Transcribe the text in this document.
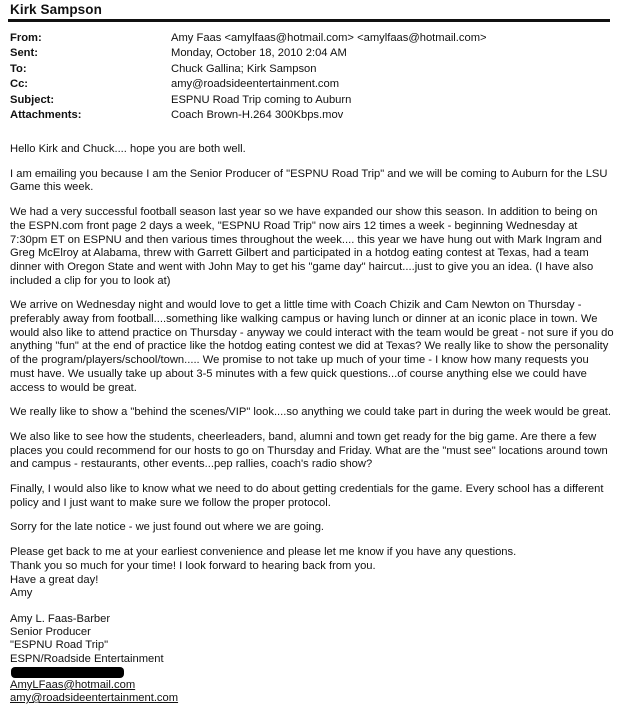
Kirk Sampson
From:	Amy Faas <amylfaas@hotmail.com> <amylfaas@hotmail.com>
Sent:	Monday, October 18, 2010 2:04 AM
To:	Chuck Gallina; Kirk Sampson
Cc:	amy@roadsideentertainment.com
Subject:	ESPNU Road Trip coming to Auburn
Attachments:	Coach Brown-H.264 300Kbps.mov

Hello Kirk and Chuck.... hope you are both well.

I am emailing you because I am the Senior Producer of "ESPNU Road Trip" and we will be coming to Auburn for the LSU Game this week.

We had a very successful football season last year so we have expanded our show this season. In addition to being on the ESPN.com front page 2 days a week, "ESPNU Road Trip" now airs 12 times a week - beginning Wednesday at 7:30pm ET on ESPNU and then various times throughout the week.... this year we have hung out with Mark Ingram and Greg McElroy at Alabama, threw with Garrett Gilbert and participated in a hotdog eating contest at Texas, had a team dinner with Oregon State and went with John May to get his "game day" haircut....just to give you an idea. (I have also included a clip for you to look at)

We arrive on Wednesday night and would love to get a little time with Coach Chizik and Cam Newton on Thursday - preferably away from football....something like walking campus or having lunch or dinner at an iconic place in town. We would also like to attend practice on Thursday - anyway we could interact with the team would be great - not sure if you do anything "fun" at the end of practice like the hotdog eating contest we did at Texas? We really like to show the personality of the program/players/school/town..... We promise to not take up much of your time - I know how many requests you must have. We usually take up about 3-5 minutes with a few quick questions...of course anything else we could have access to would be great.

We really like to show a "behind the scenes/VIP" look....so anything we could take part in during the week would be great.

We also like to see how the students, cheerleaders, band, alumni and town get ready for the big game. Are there a few places you could recommend for our hosts to go on Thursday and Friday. What are the "must see" locations around town and campus - restaurants, other events...pep rallies, coach's radio show?

Finally, I would also like to know what we need to do about getting credentials for the game. Every school has a different policy and I just want to make sure we follow the proper protocol.

Sorry for the late notice - we just found out where we are going.

Please get back to me at your earliest convenience and please let me know if you have any questions.
Thank you so much for your time! I look forward to hearing back from you.
Have a great day!
Amy
Amy L. Faas-Barber
Senior Producer
"ESPNU Road Trip"
ESPN/Roadside Entertainment
AmyLFaas@hotmail.com
amy@roadsideentertainment.com
